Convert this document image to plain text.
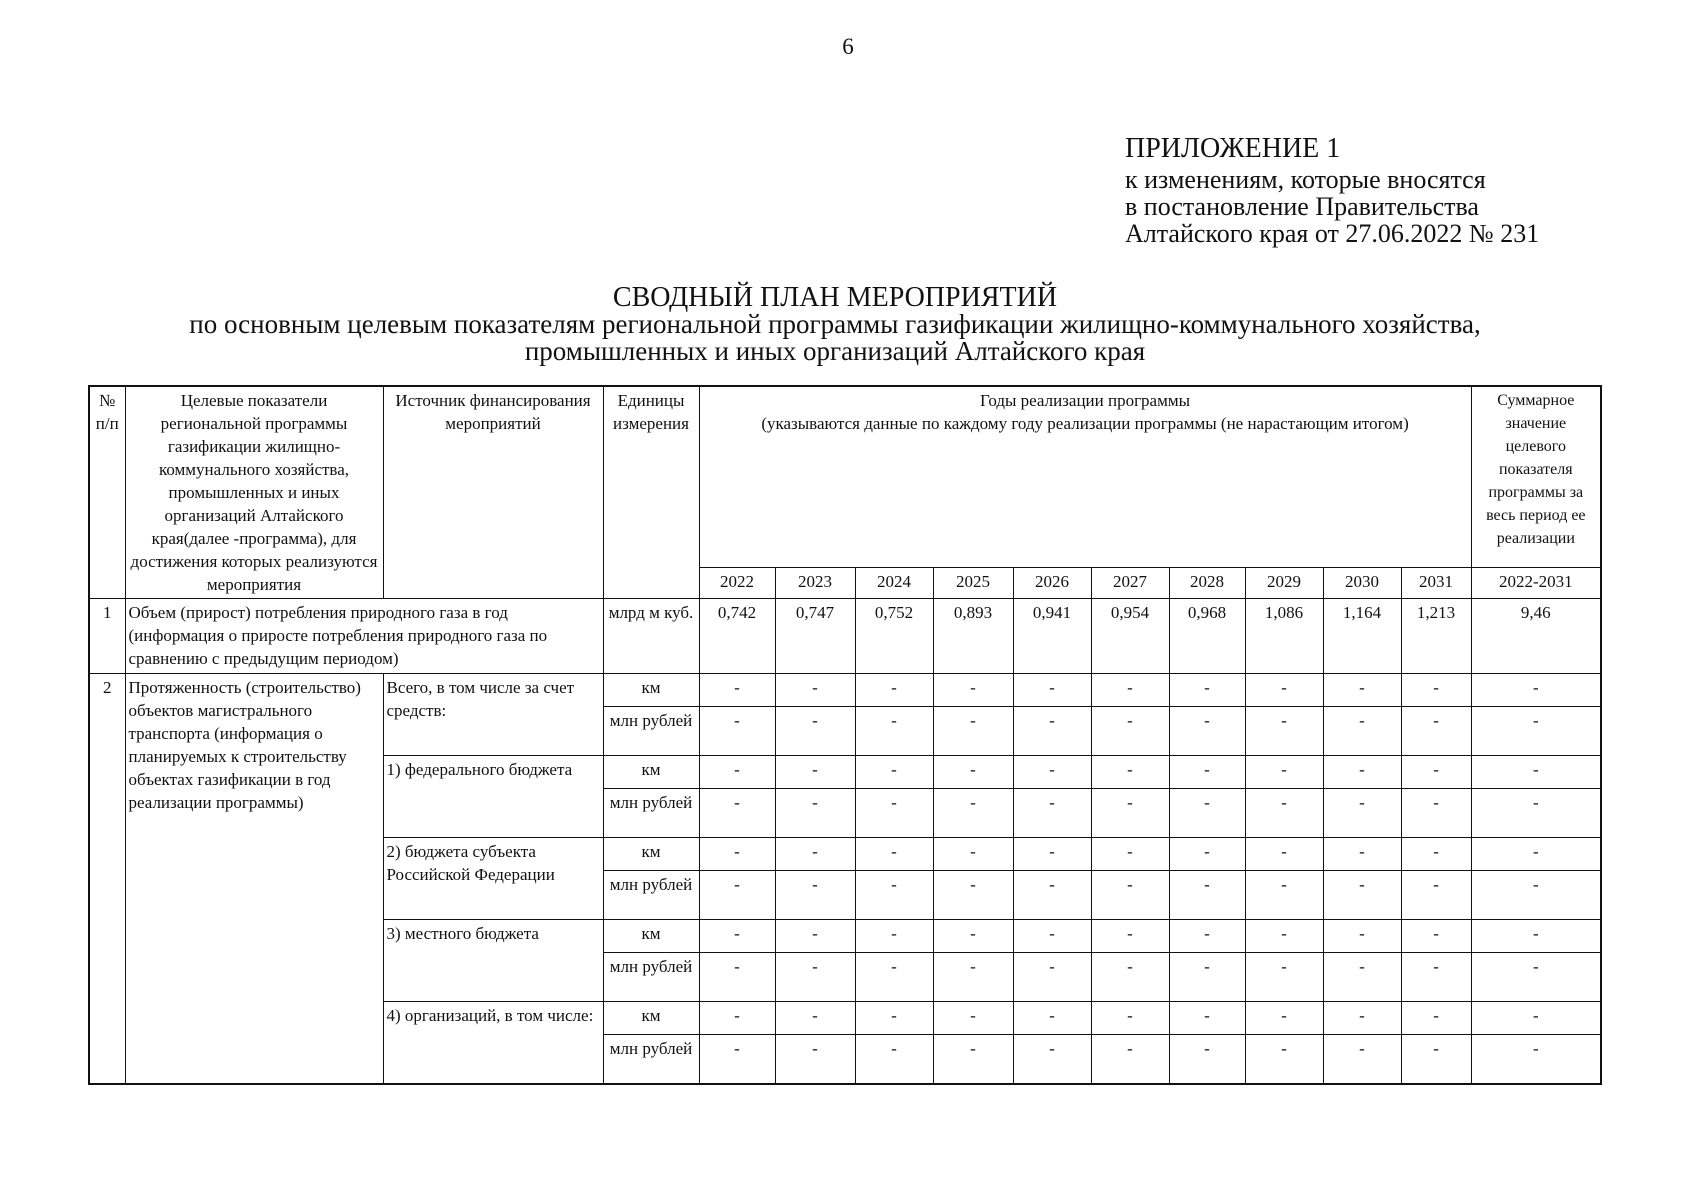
6
ПРИЛОЖЕНИЕ 1
к изменениям, которые вносятся
в постановление Правительства
Алтайского края от 27.06.2022 № 231
СВОДНЫЙ ПЛАН МЕРОПРИЯТИЙ
по основным целевым показателям региональной программы газификации жилищно-коммунального хозяйства,
промышленных и иных организаций Алтайского края
№ п/п	Целевые показатели региональной программы газификации жилищно-коммунального хозяйства, промышленных и иных организаций Алтайского края(далее -программа), для достижения которых реализуются мероприятия	Источник финансирования мероприятий	Единицы измерения	Годы реализации программы
(указываются данные по каждому году реализации программы (не нарастающим итогом)										Суммарное значение целевого показателя программы за весь период ее реализации
				2022	2023	2024	2025	2026	2027	2028	2029	2030	2031	2022-2031
1	Объем (прирост) потребления природного газа в год (информация о приросте потребления природного газа по сравнению с предыдущим периодом)		млрд м куб.	0,742	0,747	0,752	0,893	0,941	0,954	0,968	1,086	1,164	1,213	9,46
2	Протяженность (строительство) объектов магистрального транспорта (информация о планируемых к строительству объектах газификации в год реализации программы)	Всего, в том числе за счет средств:	км	-	-	-	-	-	-	-	-	-	-	-
			млн рублей	-	-	-	-	-	-	-	-	-	-	-
		1) федерального бюджета	км	-	-	-	-	-	-	-	-	-	-	-
			млн рублей	-	-	-	-	-	-	-	-	-	-	-
		2) бюджета субъекта Российской Федерации	км	-	-	-	-	-	-	-	-	-	-	-
			млн рублей	-	-	-	-	-	-	-	-	-	-	-
		3) местного бюджета	км	-	-	-	-	-	-	-	-	-	-	-
			млн рублей	-	-	-	-	-	-	-	-	-	-	-
		4) организаций, в том числе:	км	-	-	-	-	-	-	-	-	-	-	-
			млн рублей	-	-	-	-	-	-	-	-	-	-	-
